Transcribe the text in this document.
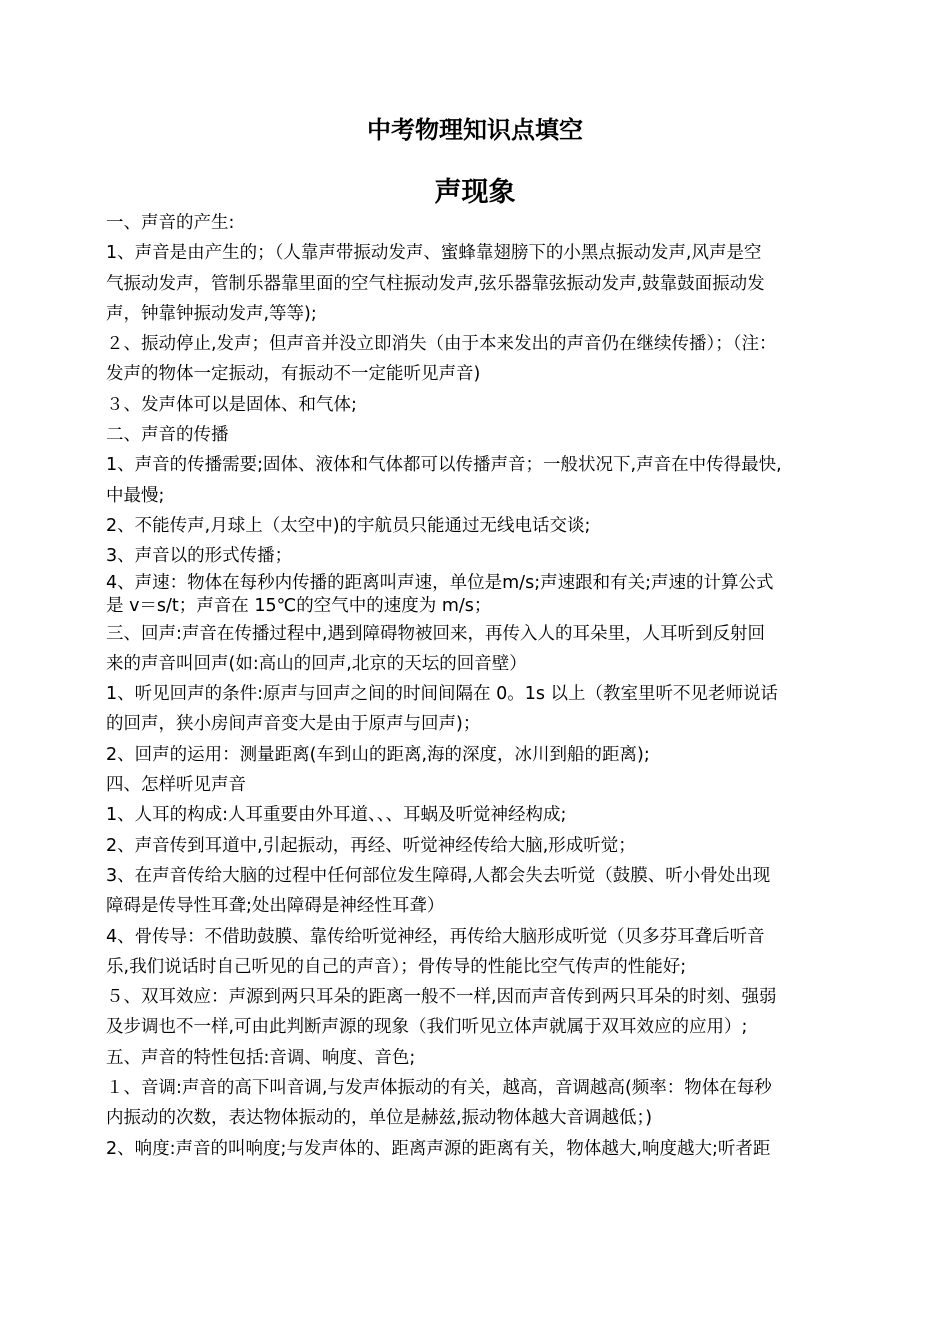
中考物理知识点填空
声现象
一、声音的产生:
1、声音是由产生的；（人靠声带振动发声、蜜蜂靠翅膀下的小黑点振动发声,风声是空
气振动发声，管制乐器靠里面的空气柱振动发声,弦乐器靠弦振动发声,鼓靠鼓面振动发
声，钟靠钟振动发声,等等);
２、振动停止,发声；但声音并没立即消失（由于本来发出的声音仍在继续传播）；（注：
发声的物体一定振动，有振动不一定能听见声音)
３、发声体可以是固体、和气体;
二、声音的传播
1、声音的传播需要;固体、液体和气体都可以传播声音；一般状况下,声音在中传得最快,
中最慢;
2、不能传声,月球上（太空中)的宇航员只能通过无线电话交谈;
3、声音以的形式传播；
4、声速：物体在每秒内传播的距离叫声速，单位是m/s;声速跟和有关;声速的计算公式
是 v＝s/t；声音在 15℃的空气中的速度为 m/s；
三、回声:声音在传播过程中,遇到障碍物被回来，再传入人的耳朵里，人耳听到反射回
来的声音叫回声(如:高山的回声,北京的天坛的回音壁）
1、听见回声的条件:原声与回声之间的时间间隔在 0。1s 以上（教室里听不见老师说话
的回声，狭小房间声音变大是由于原声与回声)；
2、回声的运用：测量距离(车到山的距离,海的深度，冰川到船的距离);
四、怎样听见声音
1、人耳的构成:人耳重要由外耳道、、、耳蜗及听觉神经构成;
2、声音传到耳道中,引起振动，再经、听觉神经传给大脑,形成听觉；
3、在声音传给大脑的过程中任何部位发生障碍,人都会失去听觉（鼓膜、听小骨处出现
障碍是传导性耳聋;处出障碍是神经性耳聋）
4、骨传导：不借助鼓膜、靠传给听觉神经，再传给大脑形成听觉（贝多芬耳聋后听音
乐,我们说话时自己听见的自己的声音）；骨传导的性能比空气传声的性能好;
５、双耳效应：声源到两只耳朵的距离一般不一样,因而声音传到两只耳朵的时刻、强弱
及步调也不一样,可由此判断声源的现象（我们听见立体声就属于双耳效应的应用）;
五、声音的特性包括:音调、响度、音色;
１、音调:声音的高下叫音调,与发声体振动的有关，越高，音调越高(频率：物体在每秒
内振动的次数，表达物体振动的，单位是赫兹,振动物体越大音调越低；)
2、响度:声音的叫响度;与发声体的、距离声源的距离有关，物体越大,响度越大;听者距
